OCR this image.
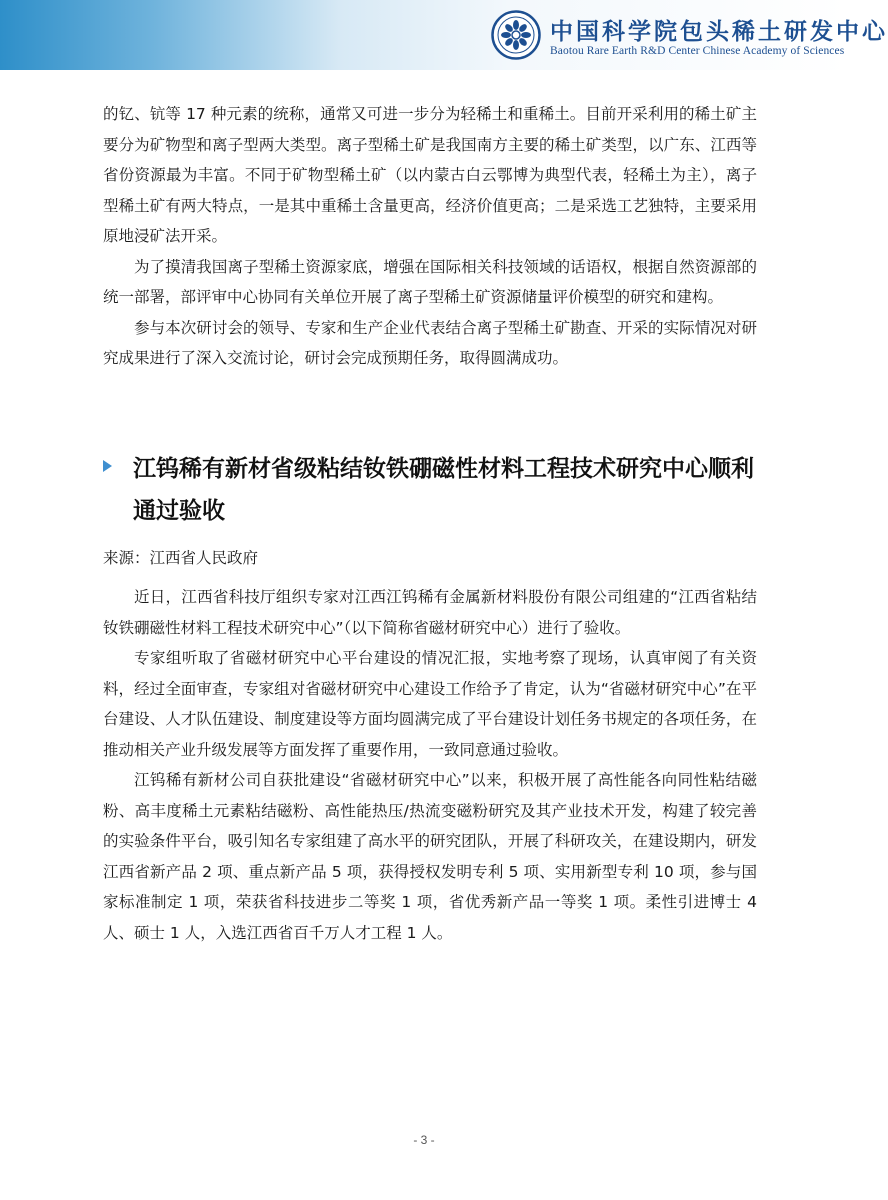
中国科学院包头稀土研发中心
Baotou Rare Earth R&D Center Chinese Academy of Sciences

的钇、钪等 17 种元素的统称，通常又可进一步分为轻稀土和重稀土。目前开采利用的稀土矿主要分为矿物型和离子型两大类型。离子型稀土矿是我国南方主要的稀土矿类型，以广东、江西等省份资源最为丰富。不同于矿物型稀土矿（以内蒙古白云鄂博为典型代表，轻稀土为主），离子型稀土矿有两大特点，一是其中重稀土含量更高，经济价值更高；二是采选工艺独特，主要采用原地浸矿法开采。

为了摸清我国离子型稀土资源家底，增强在国际相关科技领域的话语权，根据自然资源部的统一部署，部评审中心协同有关单位开展了离子型稀土矿资源储量评价模型的研究和建构。

参与本次研讨会的领导、专家和生产企业代表结合离子型稀土矿勘查、开采的实际情况对研究成果进行了深入交流讨论，研讨会完成预期任务，取得圆满成功。

江钨稀有新材省级粘结钕铁硼磁性材料工程技术研究中心顺利通过验收

来源：江西省人民政府

近日，江西省科技厅组织专家对江西江钨稀有金属新材料股份有限公司组建的“江西省粘结钕铁硼磁性材料工程技术研究中心”（以下简称省磁材研究中心）进行了验收。

专家组听取了省磁材研究中心平台建设的情况汇报，实地考察了现场，认真审阅了有关资料，经过全面审查，专家组对省磁材研究中心建设工作给予了肯定，认为“省磁材研究中心”在平台建设、人才队伍建设、制度建设等方面均圆满完成了平台建设计划任务书规定的各项任务，在推动相关产业升级发展等方面发挥了重要作用，一致同意通过验收。

江钨稀有新材公司自获批建设“省磁材研究中心”以来，积极开展了高性能各向同性粘结磁粉、高丰度稀土元素粘结磁粉、高性能热压/热流变磁粉研究及其产业技术开发，构建了较完善的实验条件平台，吸引知名专家组建了高水平的研究团队，开展了科研攻关，在建设期内，研发江西省新产品 2 项、重点新产品 5 项，获得授权发明专利 5 项、实用新型专利 10 项，参与国家标准制定 1 项，荣获省科技进步二等奖 1 项，省优秀新产品一等奖 1 项。柔性引进博士 4 人、硕士 1 人，入选江西省百千万人才工程 1 人。

- 3 -
